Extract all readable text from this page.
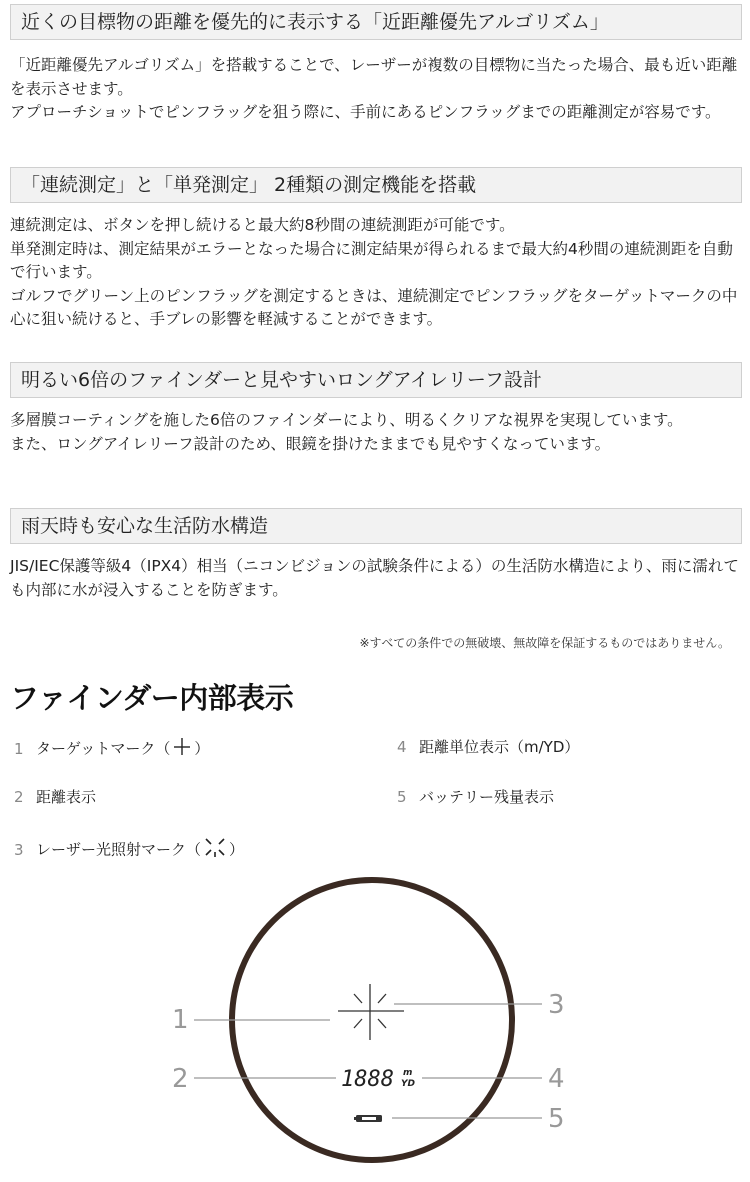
近くの目標物の距離を優先的に表示する「近距離優先アルゴリズム」

「近距離優先アルゴリズム」を搭載することで、レーザーが複数の目標物に当たった場合、最も近い距離を表示させます。

アプローチショットでピンフラッグを狙う際に、手前にあるピンフラッグまでの距離測定が容易です。

「連続測定」と「単発測定」 2種類の測定機能を搭載

連続測定は、ボタンを押し続けると最大約8秒間の連続測距が可能です。

単発測定時は、測定結果がエラーとなった場合に測定結果が得られるまで最大約4秒間の連続測距を自動で行います。

ゴルフでグリーン上のピンフラッグを測定するときは、連続測定でピンフラッグをターゲットマークの中心に狙い続けると、手ブレの影響を軽減することができます。

明るい6倍のファインダーと見やすいロングアイレリーフ設計

多層膜コーティングを施した6倍のファインダーにより、明るくクリアな視界を実現しています。

また、ロングアイレリーフ設計のため、眼鏡を掛けたままでも見やすくなっています。

雨天時も安心な生活防水構造

JIS/IEC保護等級4（IPX4）相当（ニコンビジョンの試験条件による）の生活防水構造により、雨に濡れても内部に水が浸入することを防ぎます。

※すべての条件での無破壊、無故障を保証するものではありません。
ファインダー内部表示
1 ターゲットマーク（ ）	4 距離単位表示（m/YD）
2 距離表示	5 バッテリー残量表示
3 レーザー光照射マーク（ ）
1
2
3
4
5
1888 m
YD
